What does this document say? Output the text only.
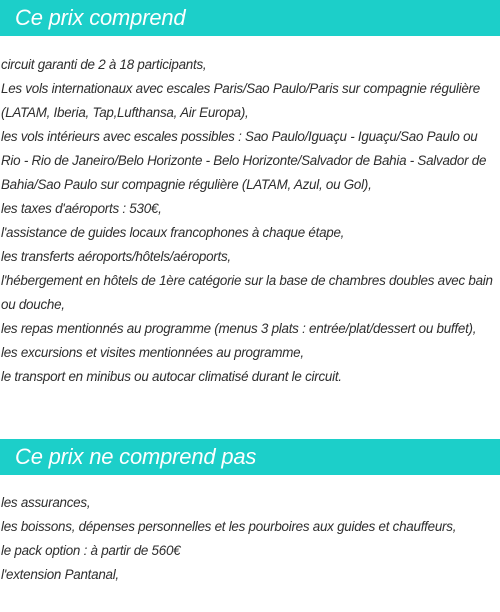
Ce prix comprend
circuit garanti de 2 à 18 participants,
Les vols internationaux avec escales Paris/Sao Paulo/Paris sur compagnie régulière (LATAM, Iberia, Tap,Lufthansa, Air Europa),
les vols intérieurs avec escales possibles : Sao Paulo/Iguaçu - Iguaçu/Sao Paulo ou Rio - Rio de Janeiro/Belo Horizonte - Belo Horizonte/Salvador de Bahia - Salvador de Bahia/Sao Paulo sur compagnie régulière (LATAM, Azul, ou Gol),
les taxes d'aéroports : 530€,
l'assistance de guides locaux francophones à chaque étape,
les transferts aéroports/hôtels/aéroports,
l'hébergement en hôtels de 1ère catégorie sur la base de chambres doubles avec bain ou douche,
les repas mentionnés au programme (menus 3 plats : entrée/plat/dessert ou buffet),
les excursions et visites mentionnées au programme,
le transport en minibus ou autocar climatisé durant le circuit.
Ce prix ne comprend pas
les assurances,
les boissons, dépenses personnelles et les pourboires aux guides et chauffeurs,
le pack option : à partir de 560€
l'extension Pantanal,
